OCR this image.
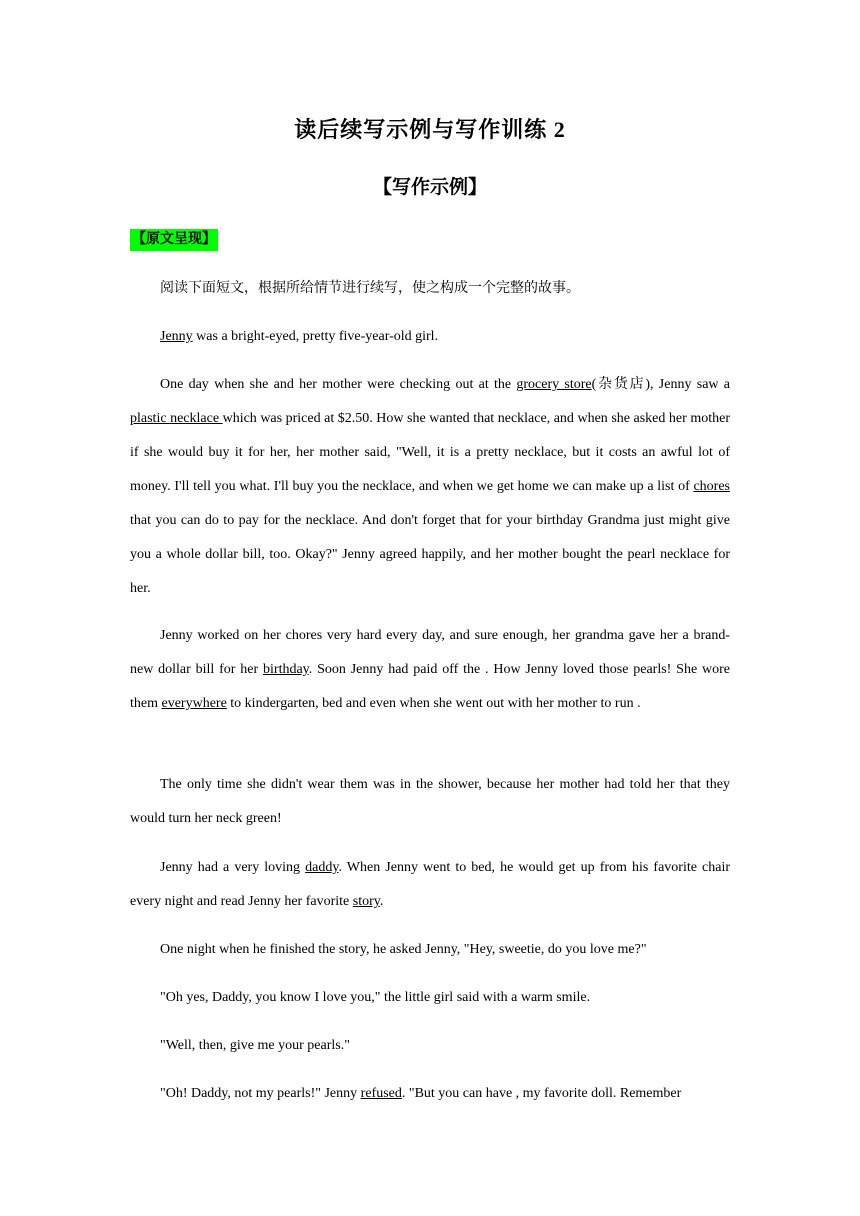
读后续写示例与写作训练 2
【写作示例】
【原文呈现】
阅读下面短文，根据所给情节进行续写，使之构成一个完整的故事。
Jenny was a bright-eyed, pretty five-year-old girl.
One day when she and her mother were checking out at the grocery store(杂货店), Jenny saw a plastic necklace which was priced at $2.50. How she wanted that necklace, and when she asked her mother if she would buy it for her, her mother said, "Well, it is a pretty necklace, but it costs an awful lot of money. I'll tell you what. I'll buy you the necklace, and when we get home we can make up a list of chores that you can do to pay for the necklace. And don't forget that for your birthday Grandma just might give you a whole dollar bill, too. Okay?" Jenny agreed happily, and her mother bought the pearl necklace for her.
Jenny worked on her chores very hard every day, and sure enough, her grandma gave her a brand-new dollar bill for her birthday. Soon Jenny had paid off the . How Jenny loved those pearls! She wore them everywhere to kindergarten, bed and even when she went out with her mother to run .
The only time she didn't wear them was in the shower, because her mother had told her that they would turn her neck green!
Jenny had a very loving daddy. When Jenny went to bed, he would get up from his favorite chair every night and read Jenny her favorite story.
One night when he finished the story, he asked Jenny, "Hey, sweetie, do you love me?"
"Oh yes, Daddy, you know I love you," the little girl said with a warm smile.
"Well, then, give me your pearls."
"Oh! Daddy, not my pearls!" Jenny refused. "But you can have , my favorite doll. Remember
